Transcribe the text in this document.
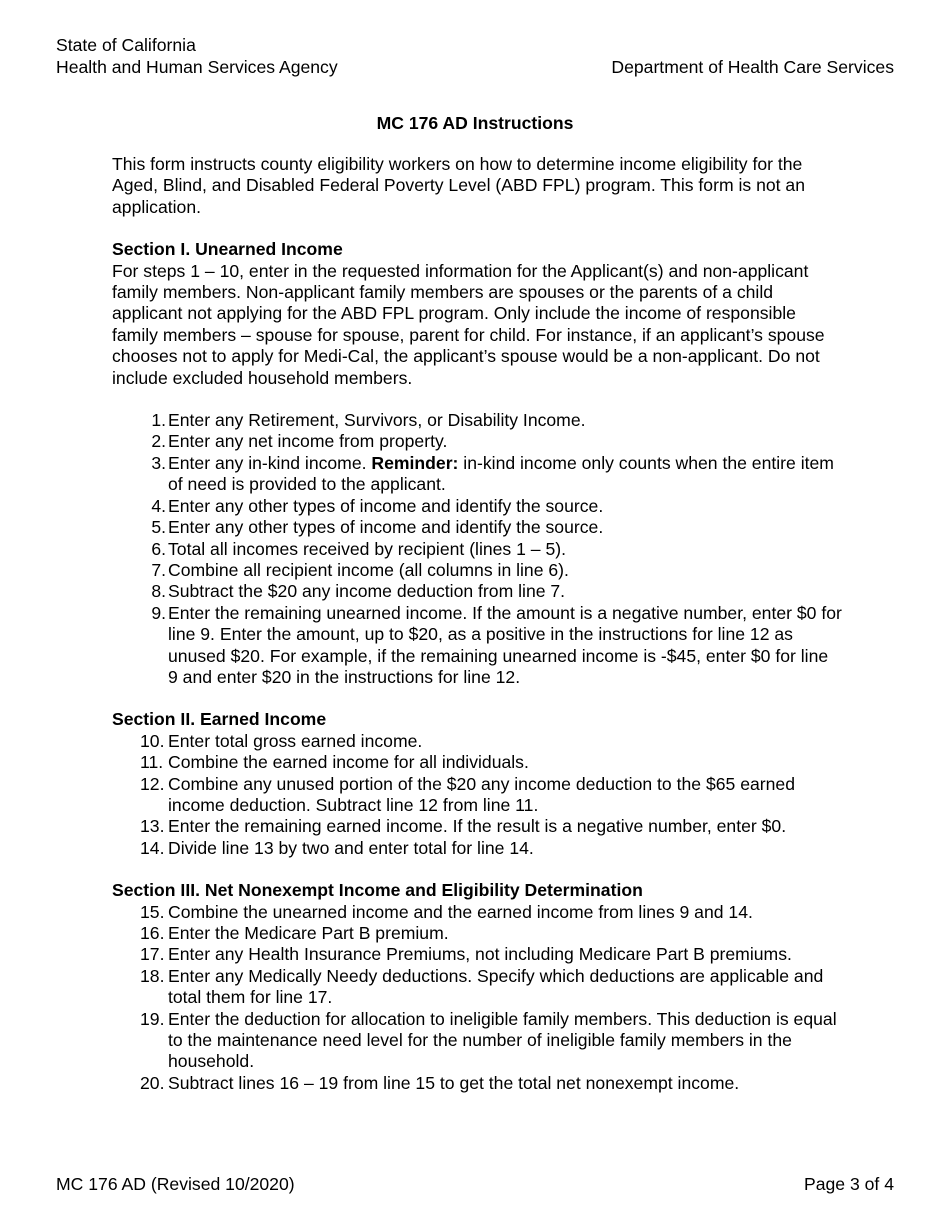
State of California
Health and Human Services Agency	Department of Health Care Services
MC 176 AD Instructions

This form instructs county eligibility workers on how to determine income eligibility for the Aged, Blind, and Disabled Federal Poverty Level (ABD FPL) program. This form is not an application.

Section I. Unearned Income

For steps 1 – 10, enter in the requested information for the Applicant(s) and non-applicant family members. Non-applicant family members are spouses or the parents of a child applicant not applying for the ABD FPL program. Only include the income of responsible family members – spouse for spouse, parent for child. For instance, if an applicant’s spouse chooses not to apply for Medi-Cal, the applicant’s spouse would be a non-applicant. Do not include excluded household members.

1. Enter any Retirement, Survivors, or Disability Income.
2. Enter any net income from property.
3. Enter any in-kind income. Reminder: in-kind income only counts when the entire item of need is provided to the applicant.
4. Enter any other types of income and identify the source.
5. Enter any other types of income and identify the source.
6. Total all incomes received by recipient (lines 1 – 5).
7. Combine all recipient income (all columns in line 6).
8. Subtract the $20 any income deduction from line 7.
9. Enter the remaining unearned income. If the amount is a negative number, enter $0 for line 9. Enter the amount, up to $20, as a positive in the instructions for line 12 as unused $20. For example, if the remaining unearned income is -$45, enter $0 for line 9 and enter $20 in the instructions for line 12.
Section II. Earned Income
10. Enter total gross earned income.
11. Combine the earned income for all individuals.
12. Combine any unused portion of the $20 any income deduction to the $65 earned income deduction. Subtract line 12 from line 11.
13. Enter the remaining earned income. If the result is a negative number, enter $0.
14. Divide line 13 by two and enter total for line 14.
Section III. Net Nonexempt Income and Eligibility Determination
15. Combine the unearned income and the earned income from lines 9 and 14.
16. Enter the Medicare Part B premium.
17. Enter any Health Insurance Premiums, not including Medicare Part B premiums.
18. Enter any Medically Needy deductions. Specify which deductions are applicable and total them for line 17.
19. Enter the deduction for allocation to ineligible family members. This deduction is equal to the maintenance need level for the number of ineligible family members in the household.
20. Subtract lines 16 – 19 from line 15 to get the total net nonexempt income.
MC 176 AD (Revised 10/2020)	Page 3 of 4
